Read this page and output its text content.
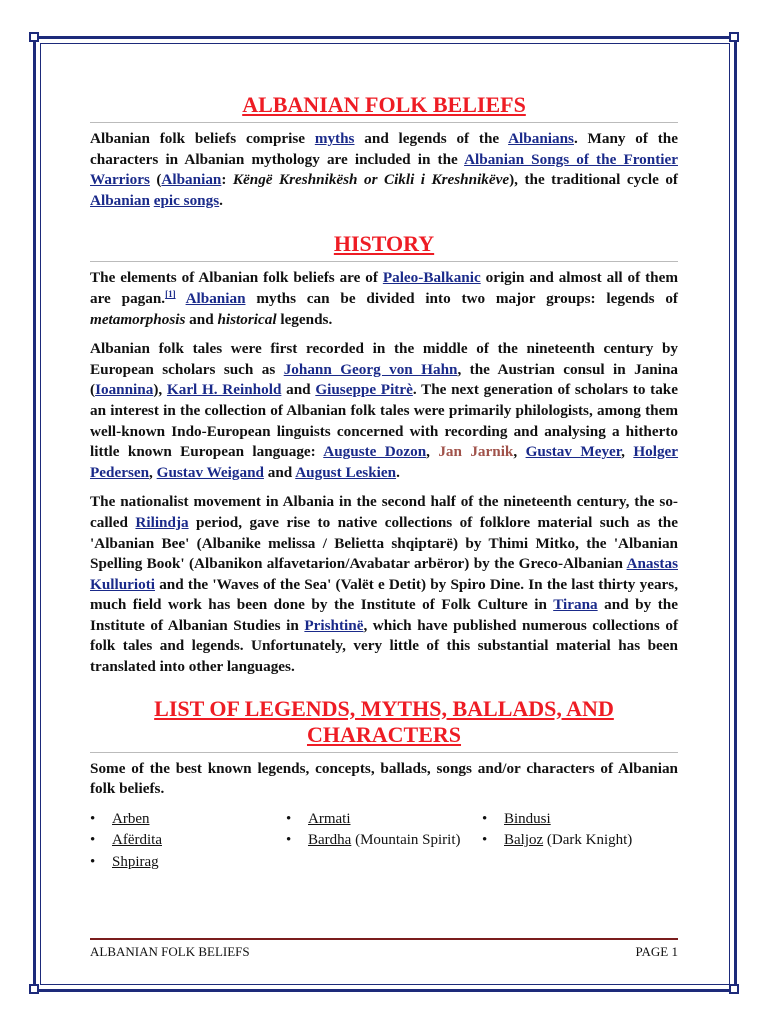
ALBANIAN FOLK BELIEFS

Albanian folk beliefs comprise myths and legends of the Albanians. Many of the characters in Albanian mythology are included in the Albanian Songs of the Frontier Warriors (Albanian: Këngë Kreshnikësh or Cikli i Kreshnikëve), the traditional cycle of Albanian epic songs.

HISTORY

The elements of Albanian folk beliefs are of Paleo-Balkanic origin and almost all of them are pagan.[1] Albanian myths can be divided into two major groups: legends of metamorphosis and historical legends.

Albanian folk tales were first recorded in the middle of the nineteenth century by European scholars such as Johann Georg von Hahn, the Austrian consul in Janina (Ioannina), Karl H. Reinhold and Giuseppe Pitrè. The next generation of scholars to take an interest in the collection of Albanian folk tales were primarily philologists, among them well-known Indo-European linguists concerned with recording and analysing a hitherto little known European language: Auguste Dozon, Jan Jarnik, Gustav Meyer, Holger Pedersen, Gustav Weigand and August Leskien.

The nationalist movement in Albania in the second half of the nineteenth century, the so-called Rilindja period, gave rise to native collections of folklore material such as the 'Albanian Bee' (Albanike melissa / Belietta shqiptarë) by Thimi Mitko, the 'Albanian Spelling Book' (Albanikon alfavetarion/Avabatar arbëror) by the Greco-Albanian Anastas Kullurioti and the 'Waves of the Sea' (Valët e Detit) by Spiro Dine. In the last thirty years, much field work has been done by the Institute of Folk Culture in Tirana and by the Institute of Albanian Studies in Prishtinë, which have published numerous collections of folk tales and legends. Unfortunately, very little of this substantial material has been translated into other languages.

LIST OF LEGENDS, MYTHS, BALLADS, AND CHARACTERS

Some of the best known legends, concepts, ballads, songs and/or characters of Albanian folk beliefs.

• Arben
• Afërdita
• Shpirag
• Armati
• Bardha (Mountain Spirit)
• Bindusi
• Baljoz (Dark Knight)
ALBANIAN FOLK BELIEFS	PAGE 1
